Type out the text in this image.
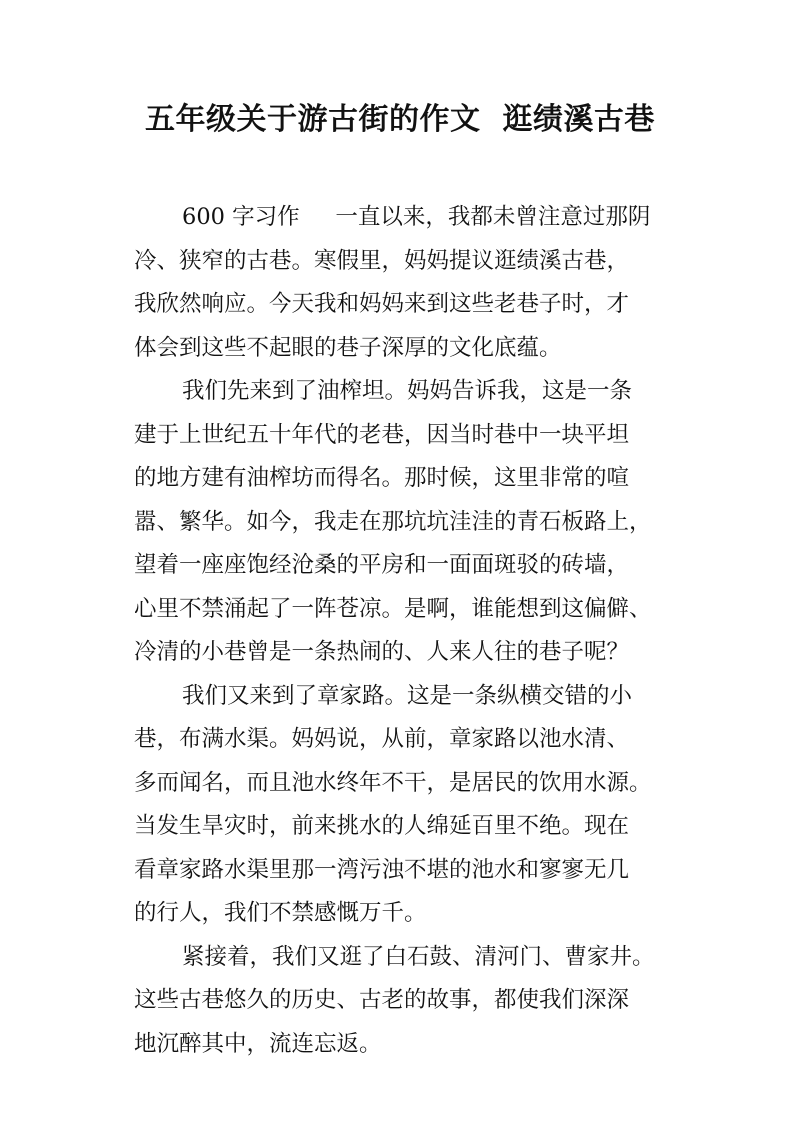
五年级关于游古街的作文  逛绩溪古巷
600 字习作     一直以来，我都未曾注意过那阴
冷、狭窄的古巷。寒假里，妈妈提议逛绩溪古巷，
我欣然响应。今天我和妈妈来到这些老巷子时，才
体会到这些不起眼的巷子深厚的文化底蕴。
我们先来到了油榨坦。妈妈告诉我，这是一条
建于上世纪五十年代的老巷，因当时巷中一块平坦
的地方建有油榨坊而得名。那时候，这里非常的喧
嚣、繁华。如今，我走在那坑坑洼洼的青石板路上，
望着一座座饱经沧桑的平房和一面面斑驳的砖墙，
心里不禁涌起了一阵苍凉。是啊，谁能想到这偏僻、
冷清的小巷曾是一条热闹的、人来人往的巷子呢？
我们又来到了章家路。这是一条纵横交错的小
巷，布满水渠。妈妈说，从前，章家路以池水清、
多而闻名，而且池水终年不干，是居民的饮用水源。
当发生旱灾时，前来挑水的人绵延百里不绝。现在
看章家路水渠里那一湾污浊不堪的池水和寥寥无几
的行人，我们不禁感慨万千。
紧接着，我们又逛了白石鼓、清河门、曹家井。
这些古巷悠久的历史、古老的故事，都使我们深深
地沉醉其中，流连忘返。
